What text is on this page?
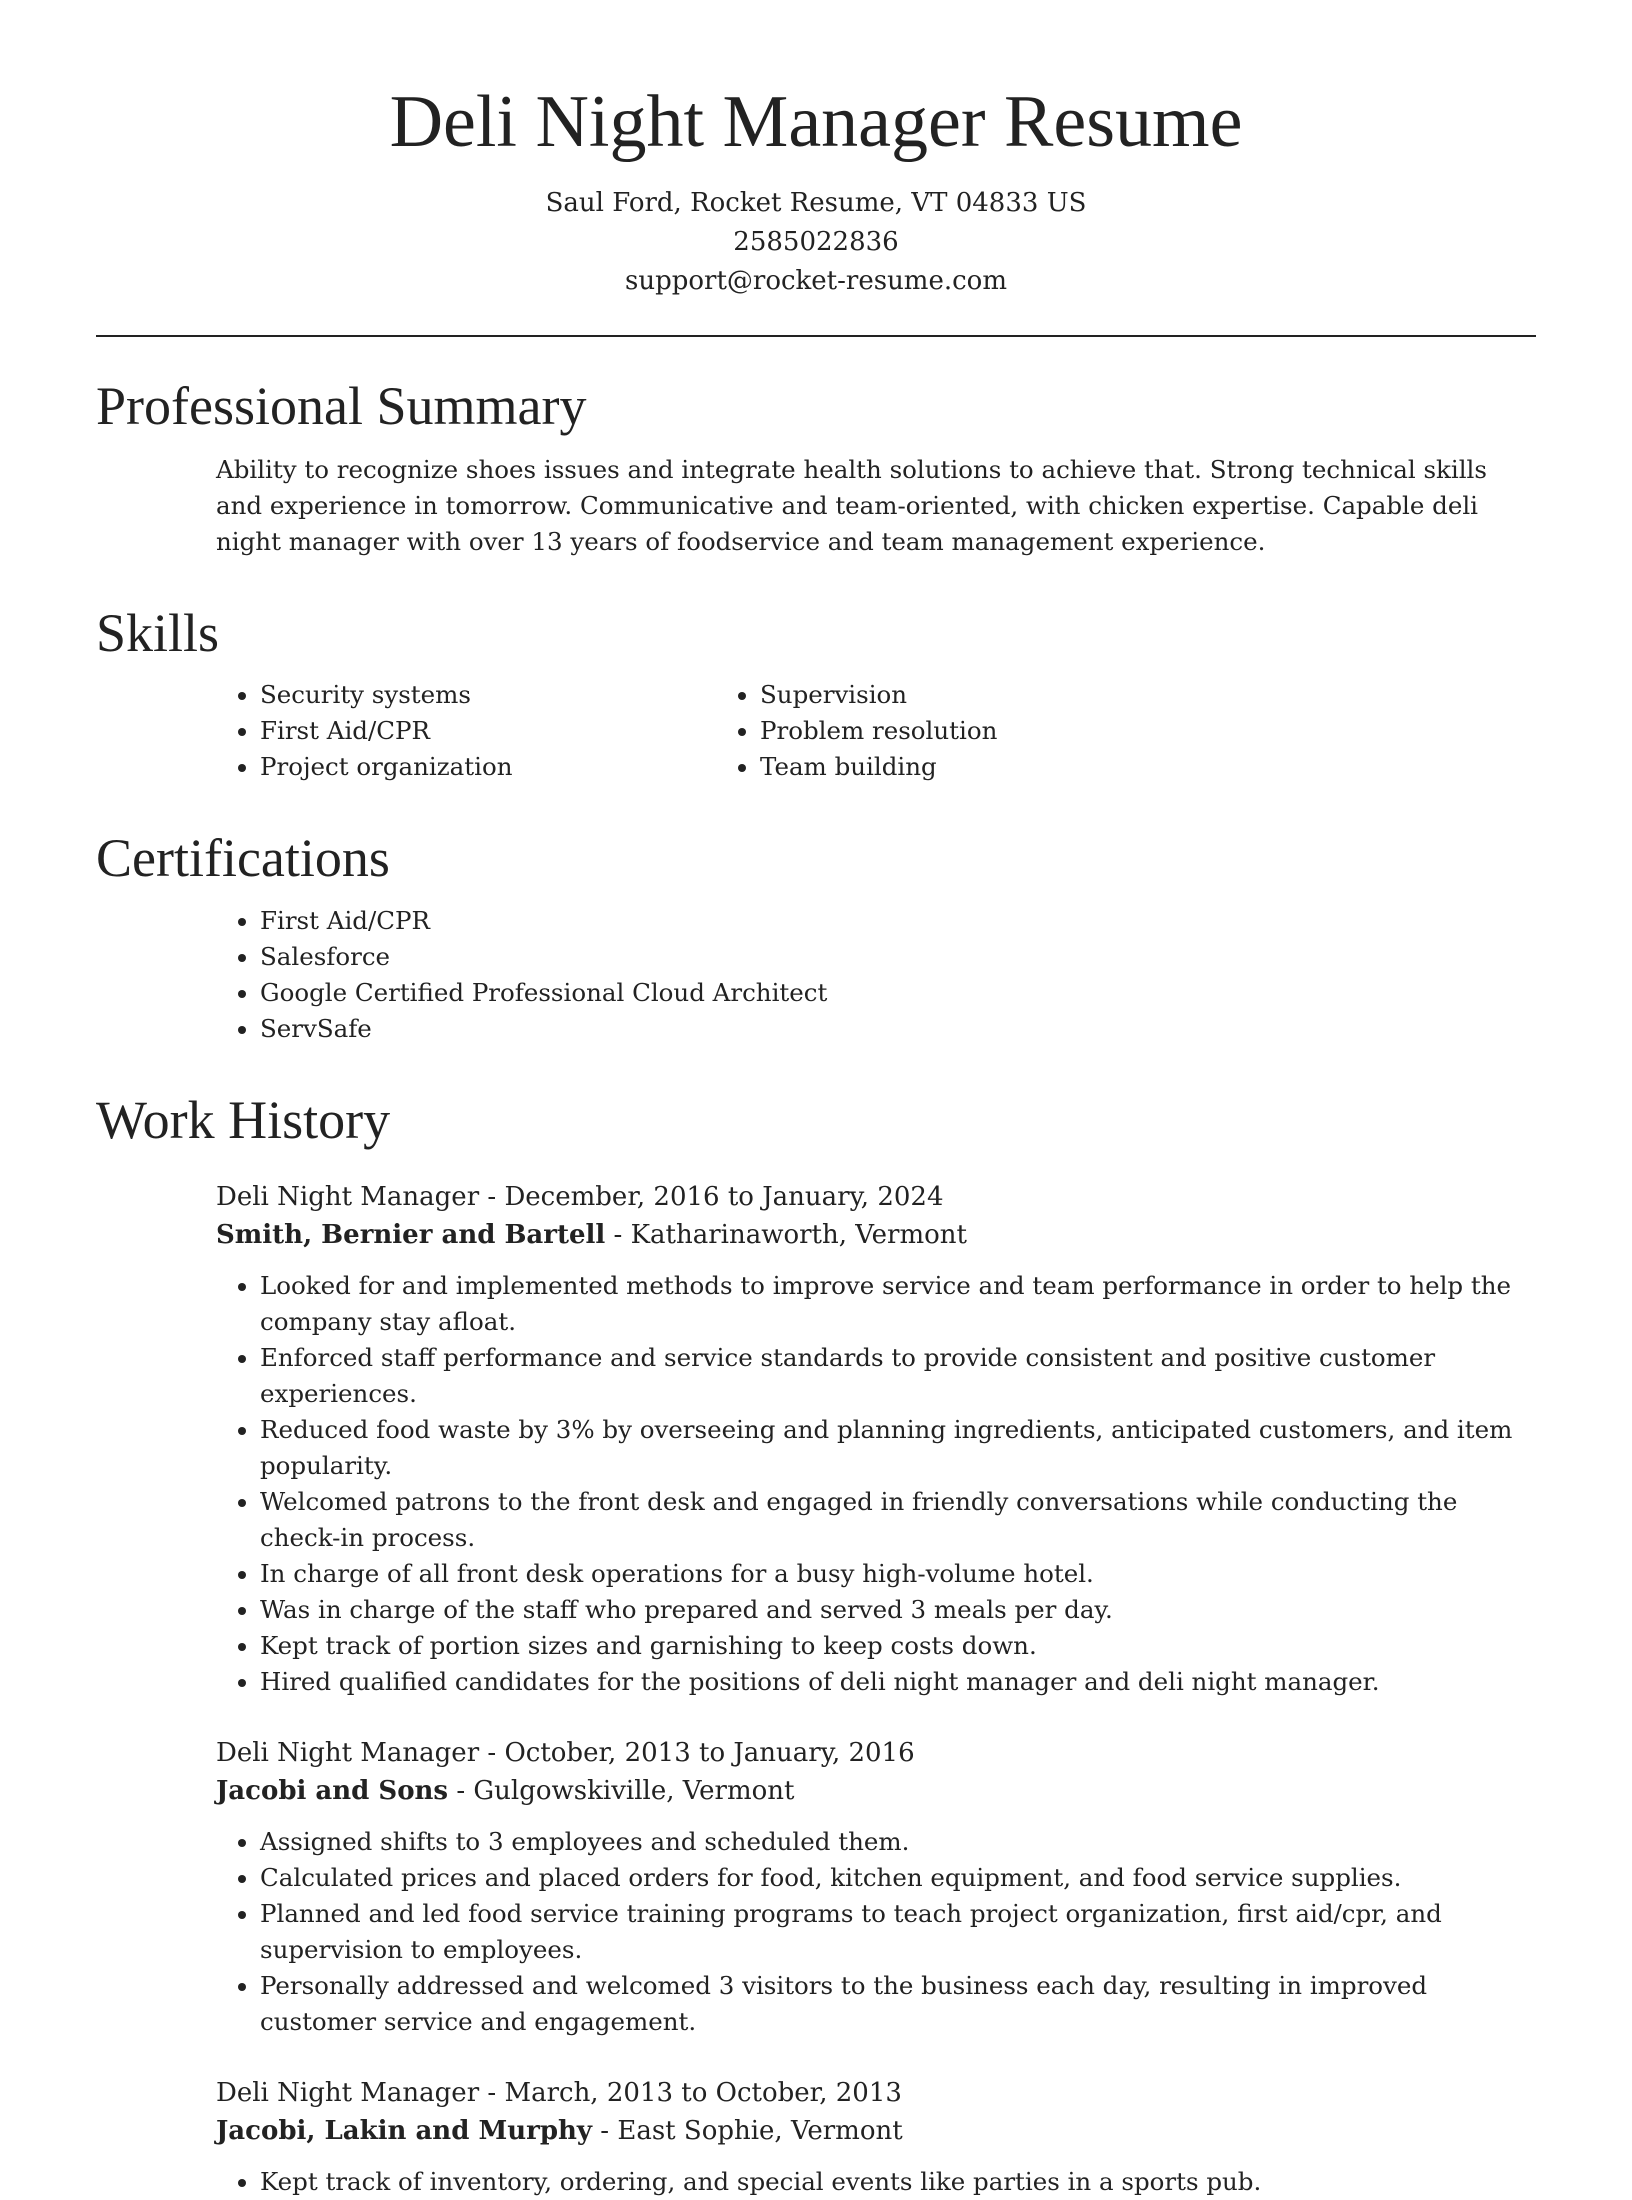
Deli Night Manager Resume
Saul Ford, Rocket Resume, VT 04833 US
2585022836
support@rocket-resume.com
Professional Summary

Ability to recognize shoes issues and integrate health solutions to achieve that. Strong technical skills and experience in tomorrow. Communicative and team-oriented, with chicken expertise. Capable deli night manager with over 13 years of foodservice and team management experience.

Skills
• Security systems
• First Aid/CPR
• Project organization
• Supervision
• Problem resolution
• Team building
Certifications
• First Aid/CPR
• Salesforce
• Google Certified Professional Cloud Architect
• ServSafe
Work History
Deli Night Manager - December, 2016 to January, 2024
Smith, Bernier and Bartell - Katharinaworth, Vermont
• Looked for and implemented methods to improve service and team performance in order to help the company stay afloat.
• Enforced staff performance and service standards to provide consistent and positive customer experiences.
• Reduced food waste by 3% by overseeing and planning ingredients, anticipated customers, and item popularity.
• Welcomed patrons to the front desk and engaged in friendly conversations while conducting the check-in process.
• In charge of all front desk operations for a busy high-volume hotel.
• Was in charge of the staff who prepared and served 3 meals per day.
• Kept track of portion sizes and garnishing to keep costs down.
• Hired qualified candidates for the positions of deli night manager and deli night manager.
Deli Night Manager - October, 2013 to January, 2016
Jacobi and Sons - Gulgowskiville, Vermont
• Assigned shifts to 3 employees and scheduled them.
• Calculated prices and placed orders for food, kitchen equipment, and food service supplies.
• Planned and led food service training programs to teach project organization, first aid/cpr, and supervision to employees.
• Personally addressed and welcomed 3 visitors to the business each day, resulting in improved customer service and engagement.
Deli Night Manager - March, 2013 to October, 2013
Jacobi, Lakin and Murphy - East Sophie, Vermont
• Kept track of inventory, ordering, and special events like parties in a sports pub.
